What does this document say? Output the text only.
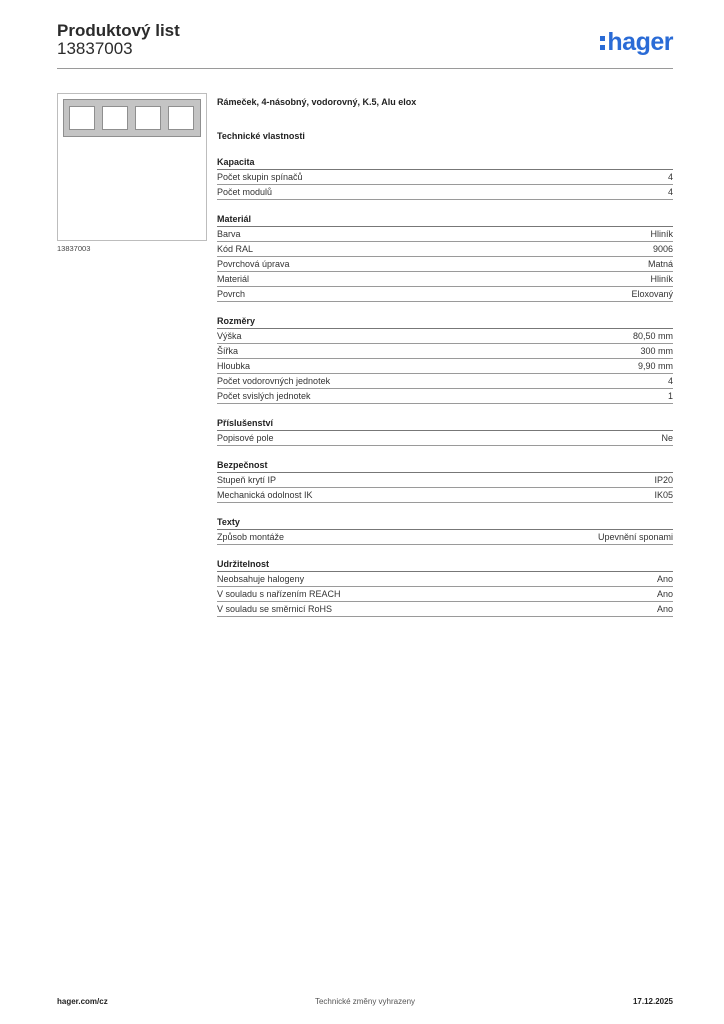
Produktový list
13837003	hager
13837003
Rámeček, 4-násobný, vodorovný, K.5, Alu elox
Technické vlastnosti
Kapacita
Počet skupin spínačů	4
Počet modulů	4
Materiál
Barva	Hliník
Kód RAL	9006
Povrchová úprava	Matná
Materiál	Hliník
Povrch	Eloxovaný
Rozměry
Výška	80,50 mm
Šířka	300 mm
Hloubka	9,90 mm
Počet vodorovných jednotek	4
Počet svislých jednotek	1
Příslušenství
Popisové pole	Ne
Bezpečnost
Stupeň krytí IP	IP20
Mechanická odolnost IK	IK05
Texty
Způsob montáže	Upevnění sponami
Udržitelnost
Neobsahuje halogeny	Ano
V souladu s nařízením REACH	Ano
V souladu se směrnicí RoHS	Ano
hager.com/cz	Technické změny vyhrazeny	17.12.2025
